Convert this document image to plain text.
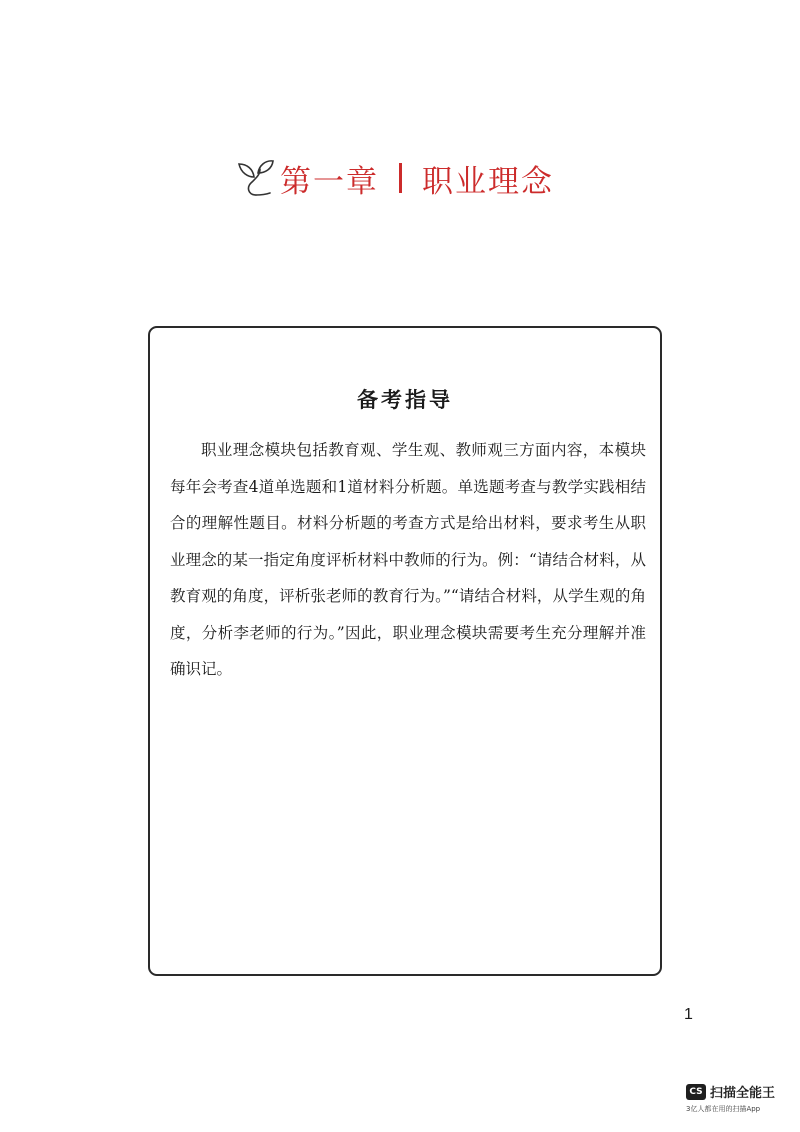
第一章 职业理念
备考指导

职业理念模块包括教育观、学生观、教师观三方面内容，本模块每年会考查4道单选题和1道材料分析题。单选题考查与教学实践相结合的理解性题目。材料分析题的考查方式是给出材料，要求考生从职业理念的某一指定角度评析材料中教师的行为。例：“请结合材料，从教育观的角度，评析张老师的教育行为。”“请结合材料，从学生观的角度，分析李老师的行为。”因此，职业理念模块需要考生充分理解并准确识记。

1
CS 扫描全能王
3亿人都在用的扫描App
